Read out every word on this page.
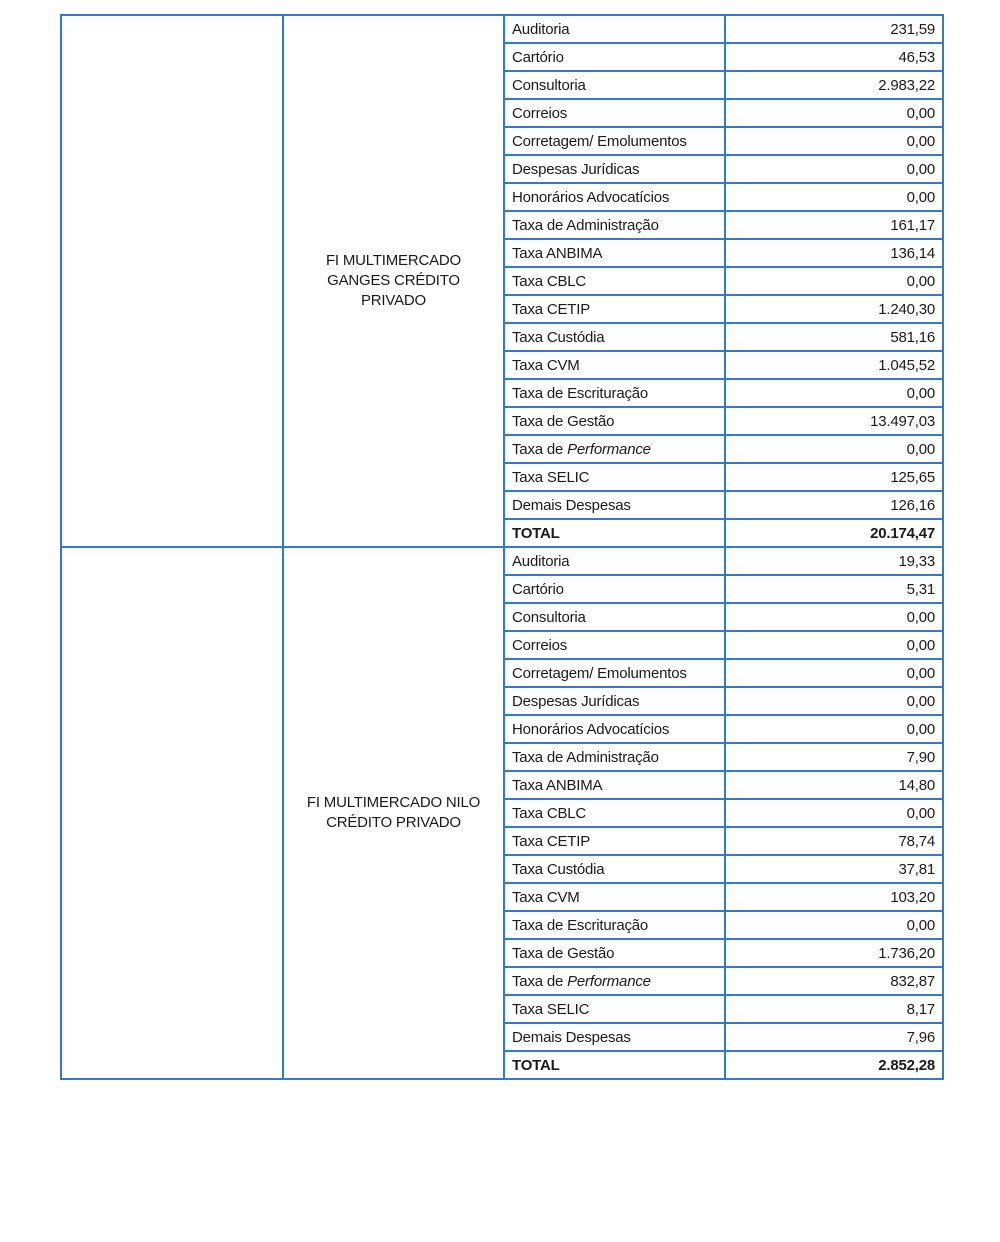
	FI MULTIMERCADO GANGES CRÉDITO PRIVADO	Auditoria	231,59
		Cartório	46,53
		Consultoria	2.983,22
		Correios	0,00
		Corretagem/ Emolumentos	0,00
		Despesas Jurídicas	0,00
		Honorários Advocatícios	0,00
		Taxa de Administração	161,17
		Taxa ANBIMA	136,14
		Taxa CBLC	0,00
		Taxa CETIP	1.240,30
		Taxa Custódia	581,16
		Taxa CVM	1.045,52
		Taxa de Escrituração	0,00
		Taxa de Gestão	13.497,03
		Taxa de Performance	0,00
		Taxa SELIC	125,65
		Demais Despesas	126,16
		TOTAL	20.174,47
	FI MULTIMERCADO NILO CRÉDITO PRIVADO	Auditoria	19,33
		Cartório	5,31
		Consultoria	0,00
		Correios	0,00
		Corretagem/ Emolumentos	0,00
		Despesas Jurídicas	0,00
		Honorários Advocatícios	0,00
		Taxa de Administração	7,90
		Taxa ANBIMA	14,80
		Taxa CBLC	0,00
		Taxa CETIP	78,74
		Taxa Custódia	37,81
		Taxa CVM	103,20
		Taxa de Escrituração	0,00
		Taxa de Gestão	1.736,20
		Taxa de Performance	832,87
		Taxa SELIC	8,17
		Demais Despesas	7,96
		TOTAL	2.852,28
